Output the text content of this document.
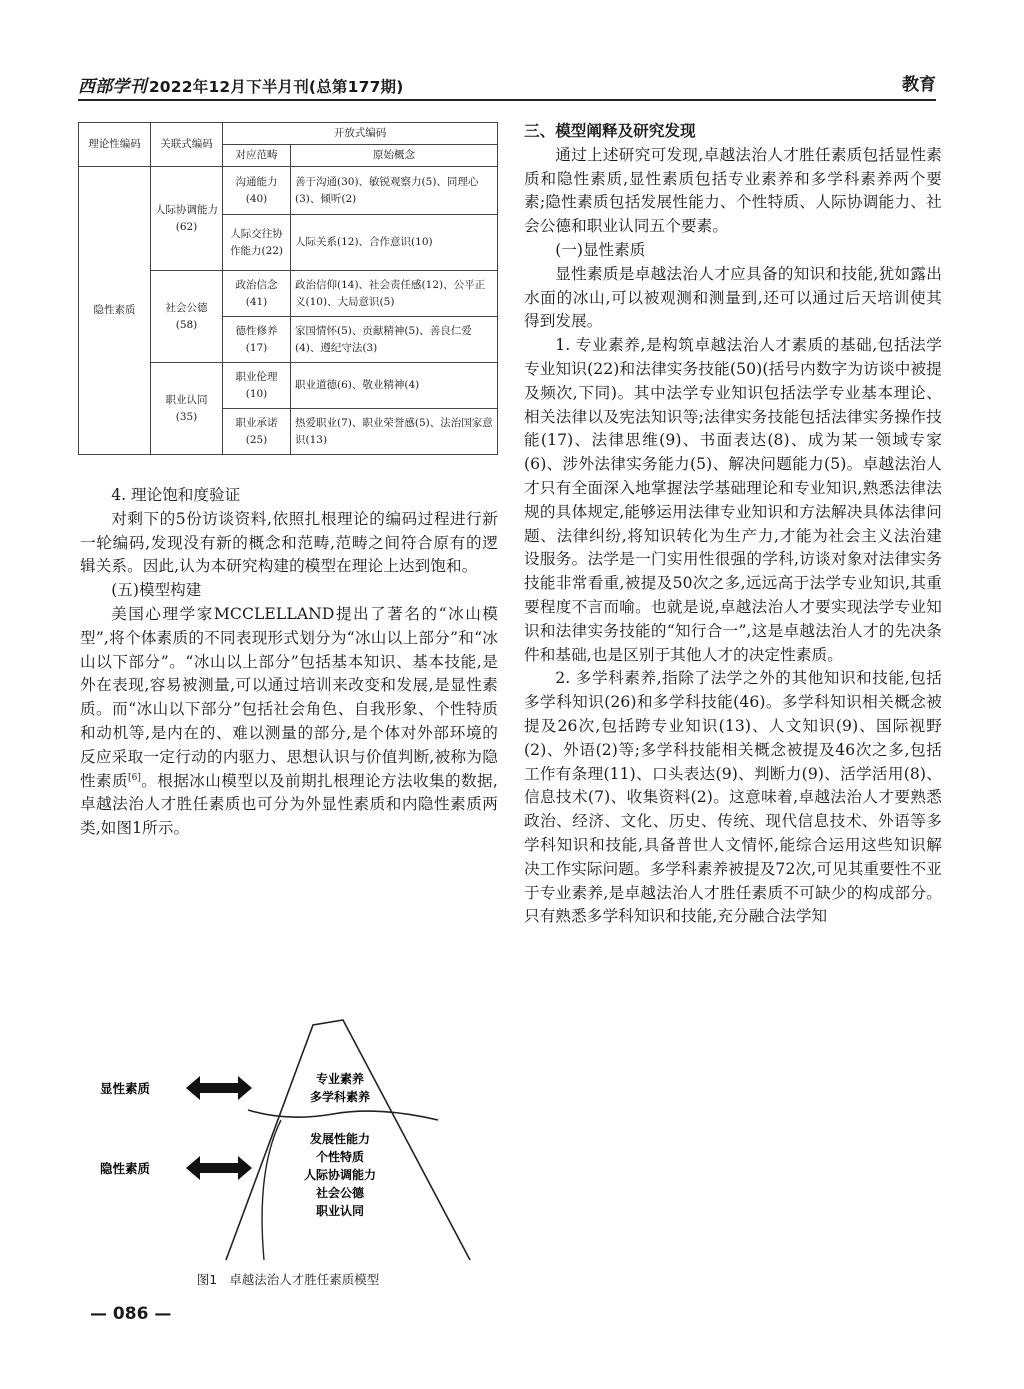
西部学刊 2022年12月下半月刊(总第177期)	教育
理论性编码	关联式编码	开放式编码	
		对应范畴	原始概念
隐性素质	人际协调能力(62)	沟通能力(40)	善于沟通(30)、敏锐观察力(5)、同理心(3)、倾听(2)
		人际交往协作能力(22)	人际关系(12)、合作意识(10)
	社会公德(58)	政治信念(41)	政治信仰(14)、社会责任感(12)、公平正义(10)、大局意识(5)
		德性修养(17)	家国情怀(5)、贡献精神(5)、善良仁爱(4)、遵纪守法(3)
	职业认同(35)	职业伦理(10)	职业道德(6)、敬业精神(4)
		职业承诺(25)	热爱职业(7)、职业荣誉感(5)、法治国家意识(13)
4. 理论饱和度验证

对剩下的5份访谈资料,依照扎根理论的编码过程进行新一轮编码,发现没有新的概念和范畴,范畴之间符合原有的逻辑关系。因此,认为本研究构建的模型在理论上达到饱和。

(五)模型构建

美国心理学家MCCLELLAND提出了著名的“冰山模型”,将个体素质的不同表现形式划分为“冰山以上部分”和“冰山以下部分”。“冰山以上部分”包括基本知识、基本技能,是外在表现,容易被测量,可以通过培训来改变和发展,是显性素质。而“冰山以下部分”包括社会角色、自我形象、个性特质和动机等,是内在的、难以测量的部分,是个体对外部环境的反应采取一定行动的内驱力、思想认识与价值判断,被称为隐性素质[6]。根据冰山模型以及前期扎根理论方法收集的数据,卓越法治人才胜任素质也可分为外显性素质和内隐性素质两类,如图1所示。

显性素质
隐性素质
专业素养
多学科素养
发展性能力
个性特质
人际协调能力
社会公德
职业认同
图1 卓越法治人才胜任素质模型
三、模型阐释及研究发现

通过上述研究可发现,卓越法治人才胜任素质包括显性素质和隐性素质,显性素质包括专业素养和多学科素养两个要素;隐性素质包括发展性能力、个性特质、人际协调能力、社会公德和职业认同五个要素。

(一)显性素质

显性素质是卓越法治人才应具备的知识和技能,犹如露出水面的冰山,可以被观测和测量到,还可以通过后天培训使其得到发展。

1. 专业素养,是构筑卓越法治人才素质的基础,包括法学专业知识(22)和法律实务技能(50)(括号内数字为访谈中被提及频次,下同)。其中法学专业知识包括法学专业基本理论、相关法律以及宪法知识等;法律实务技能包括法律实务操作技能(17)、法律思维(9)、书面表达(8)、成为某一领域专家(6)、涉外法律实务能力(5)、解决问题能力(5)。卓越法治人才只有全面深入地掌握法学基础理论和专业知识,熟悉法律法规的具体规定,能够运用法律专业知识和方法解决具体法律问题、法律纠纷,将知识转化为生产力,才能为社会主义法治建设服务。法学是一门实用性很强的学科,访谈对象对法律实务技能非常看重,被提及50次之多,远远高于法学专业知识,其重要程度不言而喻。也就是说,卓越法治人才要实现法学专业知识和法律实务技能的“知行合一”,这是卓越法治人才的先决条件和基础,也是区别于其他人才的决定性素质。

2. 多学科素养,指除了法学之外的其他知识和技能,包括多学科知识(26)和多学科技能(46)。多学科知识相关概念被提及26次,包括跨专业知识(13)、人文知识(9)、国际视野(2)、外语(2)等;多学科技能相关概念被提及46次之多,包括工作有条理(11)、口头表达(9)、判断力(9)、活学活用(8)、信息技术(7)、收集资料(2)。这意味着,卓越法治人才要熟悉政治、经济、文化、历史、传统、现代信息技术、外语等多学科知识和技能,具备普世人文情怀,能综合运用这些知识解决工作实际问题。多学科素养被提及72次,可见其重要性不亚于专业素养,是卓越法治人才胜任素质不可缺少的构成部分。只有熟悉多学科知识和技能,充分融合法学知

— 086 —
